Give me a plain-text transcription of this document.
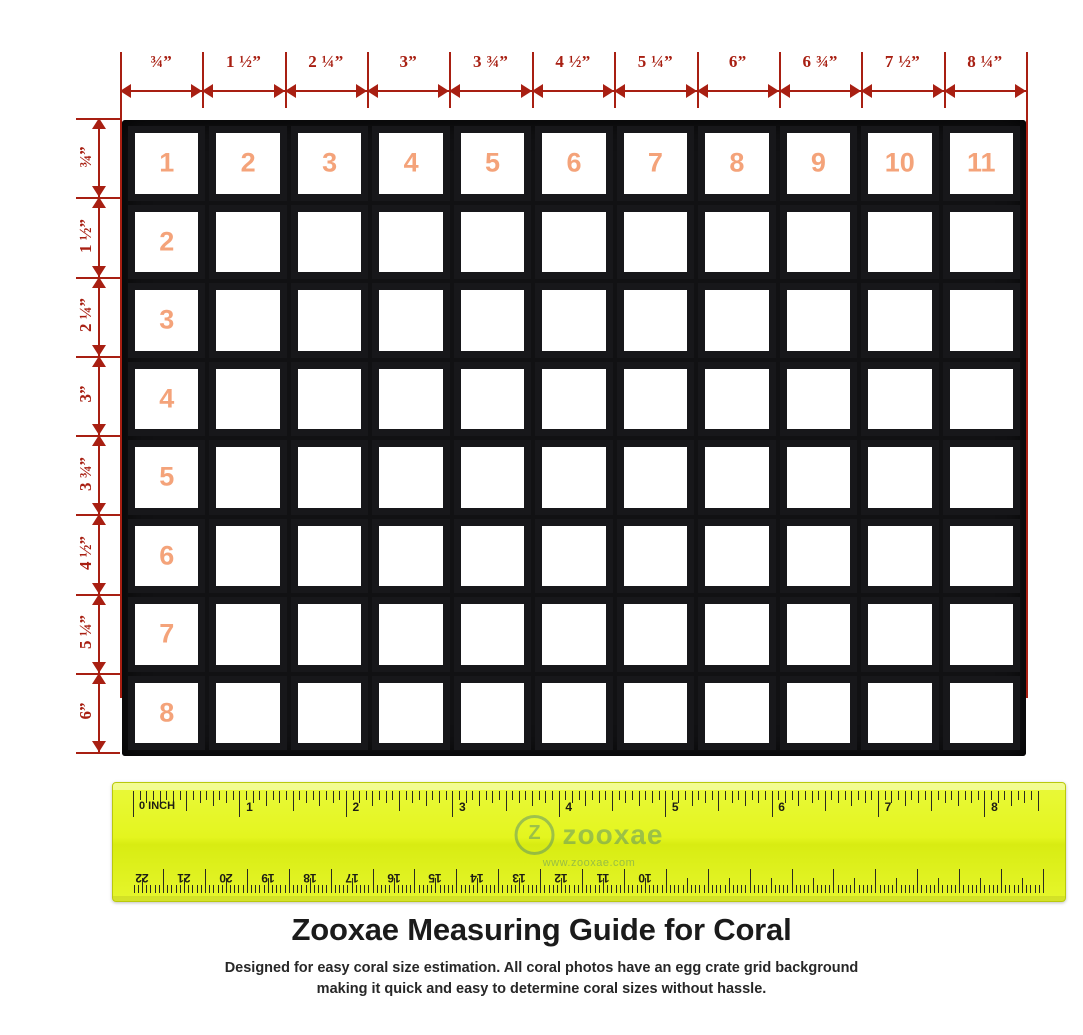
¾”	1 ½”	2 ¼”	3”	3 ¾”	4 ½”	5 ¼”	6”	6 ¾”	7 ½”	8 ¼”
¾”
1 ½”
2 ¼”
3”
3 ¾”
4 ½”
5 ¼”
6”
1	2	3	4	5	6	7	8	9	10	11
2
3
4
5
6
7
8
1	2	3	4	5	6	7	8
22 21 20 19 18 17 16 15 14 13 12 11 10
0 INCH
Z zooxae
www.zooxae.com
Zooxae Measuring Guide for Coral
Designed for easy coral size estimation. All coral photos have an egg crate grid background
making it quick and easy to determine coral sizes without hassle.
